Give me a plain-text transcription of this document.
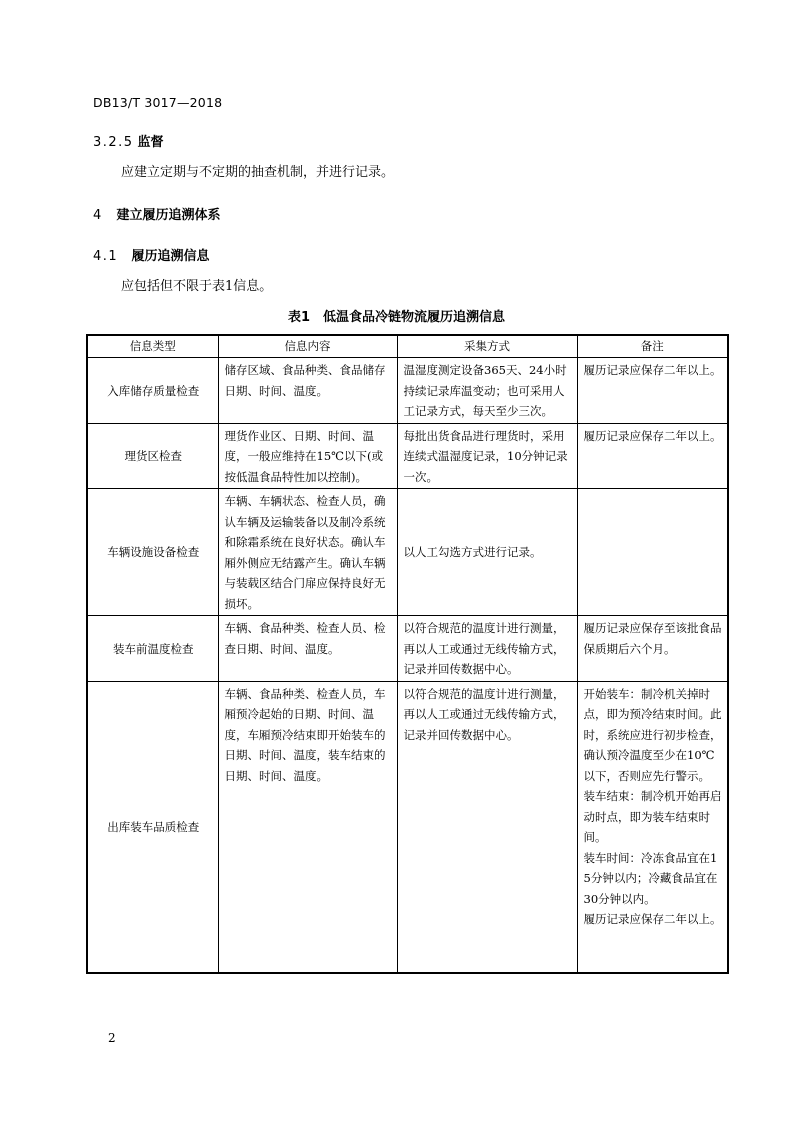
DB13/T 3017—2018
3.2.5 监督
应建立定期与不定期的抽查机制，并进行记录。
4 建立履历追溯体系
4.1 履历追溯信息
应包括但不限于表1信息。
表1　低温食品冷链物流履历追溯信息
信息类型	信息内容	采集方式	备注
入库储存质量检查	储存区域、食品种类、食品储存日期、时间、温度。	温湿度测定设备365天、24小时持续记录库温变动；也可采用人工记录方式，每天至少三次。	履历记录应保存二年以上。

理货区检查	理货作业区、日期、时间、温度，一般应维持在15℃以下(或按低温食品特性加以控制)。	每批出货食品进行理货时，采用连续式温湿度记录，10分钟记录一次。	履历记录应保存二年以上。

车辆设施设备检查	车辆、车辆状态、检查人员，确认车辆及运输装备以及制冷系统和除霜系统在良好状态。确认车厢外侧应无结露产生。确认车辆与装载区结合门扉应保持良好无损坏。	以人工勾选方式进行记录。	
装车前温度检查	车辆、食品种类、检查人员、检查日期、时间、温度。	以符合规范的温度计进行测量，再以人工或通过无线传输方式，记录并回传数据中心。	履历记录应保存至该批食品保质期后六个月。

出库装车品质检查	车辆、食品种类、检查人员，车厢预冷起始的日期、时间、温度，车厢预冷结束即开始装车的日期、时间、温度，装车结束的日期、时间、温度。	以符合规范的温度计进行测量，再以人工或通过无线传输方式，记录并回传数据中心。	开始装车：制冷机关掉时点，即为预冷结束时间。此时，系统应进行初步检查，确认预冷温度至少在10℃以下，否则应先行警示。
装车结束：制冷机开始再启动时点，即为装车结束时间。
装车时间：冷冻食品宜在15分钟以内；冷藏食品宜在30分钟以内。
履历记录应保存二年以上。
2
